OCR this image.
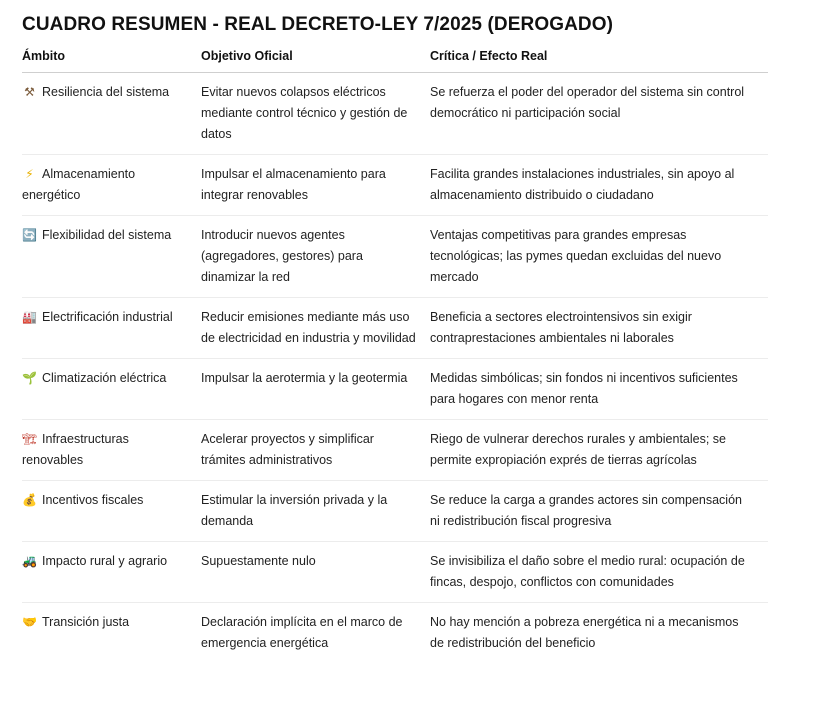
CUADRO RESUMEN - REAL DECRETO-LEY 7/2025 (DEROGADO)
Ámbito	Objetivo Oficial	Crítica / Efecto Real
⚒ Resiliencia del sistema	Evitar nuevos colapsos eléctricos mediante control técnico y gestión de datos	Se refuerza el poder del operador del sistema sin control democrático ni participación social
⚡ Almacenamiento energético	Impulsar el almacenamiento para integrar renovables	Facilita grandes instalaciones industriales, sin apoyo al almacenamiento distribuido o ciudadano
🔄 Flexibilidad del sistema	Introducir nuevos agentes (agregadores, gestores) para dinamizar la red	Ventajas competitivas para grandes empresas tecnológicas; las pymes quedan excluidas del nuevo mercado
🏭 Electrificación industrial	Reducir emisiones mediante más uso de electricidad en industria y movilidad	Beneficia a sectores electrointensivos sin exigir contraprestaciones ambientales ni laborales
🌱 Climatización eléctrica	Impulsar la aerotermia y la geotermia	Medidas simbólicas; sin fondos ni incentivos suficientes para hogares con menor renta
🏗 Infraestructuras renovables	Acelerar proyectos y simplificar trámites administrativos	Riego de vulnerar derechos rurales y ambientales; se permite expropiación exprés de tierras agrícolas
💰 Incentivos fiscales	Estimular la inversión privada y la demanda	Se reduce la carga a grandes actores sin compensación ni redistribución fiscal progresiva
🚜 Impacto rural y agrario	Supuestamente nulo	Se invisibiliza el daño sobre el medio rural: ocupación de fincas, despojo, conflictos con comunidades
🤝 Transición justa	Declaración implícita en el marco de emergencia energética	No hay mención a pobreza energética ni a mecanismos de redistribución del beneficio
